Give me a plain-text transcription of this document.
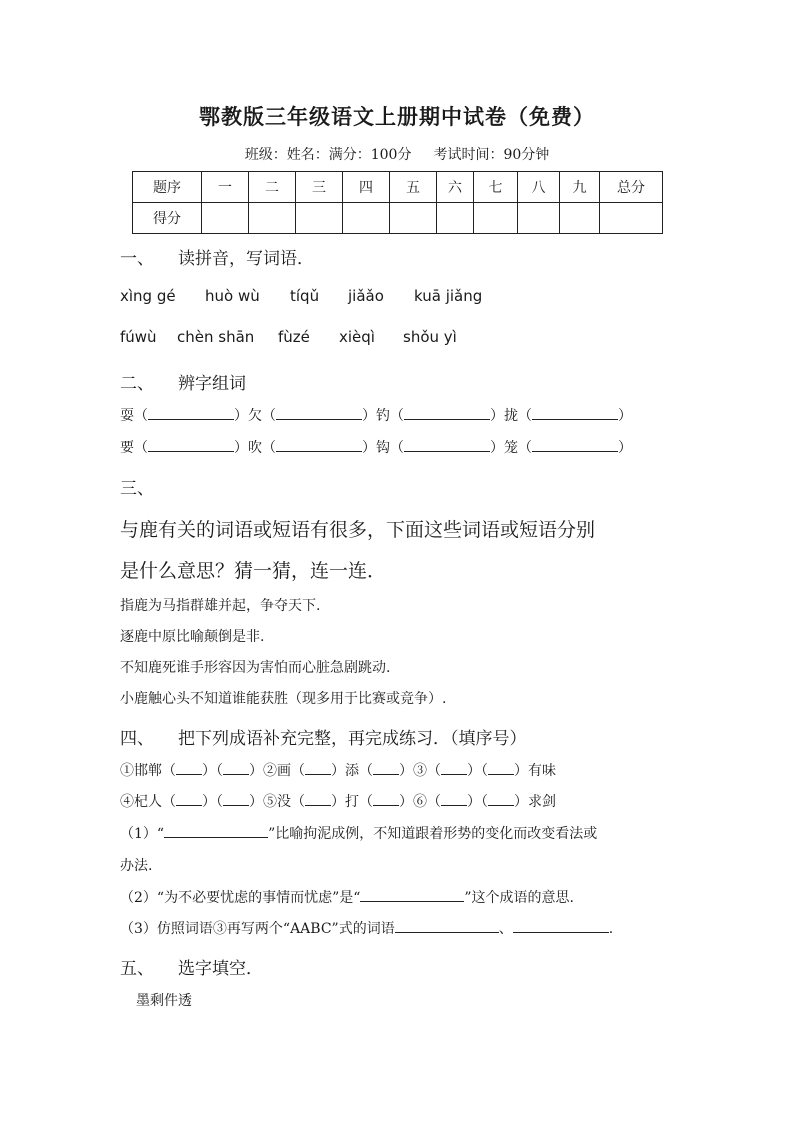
鄂教版三年级语文上册期中试卷（免费）
班级：姓名：满分：100分 考试时间：90分钟
题序	一	二	三	四	五	六	七	八	九	总分
得分										
一、 读拼音，写词语．
xìng gé huò wù tíqǔ jiǎǎo kuā jiǎng
fúwù chèn shān fùzé xièqì shǒu yì
二、 辨字组词
耍（	）欠（	）钓（	）拢（	）
要（	）吹（	）钩（	）笼（	）
三、
与鹿有关的词语或短语有很多，下面这些词语或短语分别
是什么意思？猜一猜，连一连．
指鹿为马指群雄并起，争夺天下.
逐鹿中原比喻颠倒是非.
不知鹿死谁手形容因为害怕而心脏急剧跳动.
小鹿触心头不知道谁能获胜（现多用于比赛或竞争）.
四、 把下列成语补充完整，再完成练习．（填序号）
①邯郸（ ）（ ）②画（ ）添（ ）③（ ）（ ）有味
④杞人（ ）（ ）⑤没（ ）打（ ）⑥（ ）（ ）求剑
（1）“	”比喻拘泥成例，不知道跟着形势的变化而改变看法或
办法.
（2）“为不必要忧虑的事情而忧虑”是“	”这个成语的意思.
（3）仿照词语③再写两个“AABC”式的词语	、	.
五、 选字填空．
墨剩件透
